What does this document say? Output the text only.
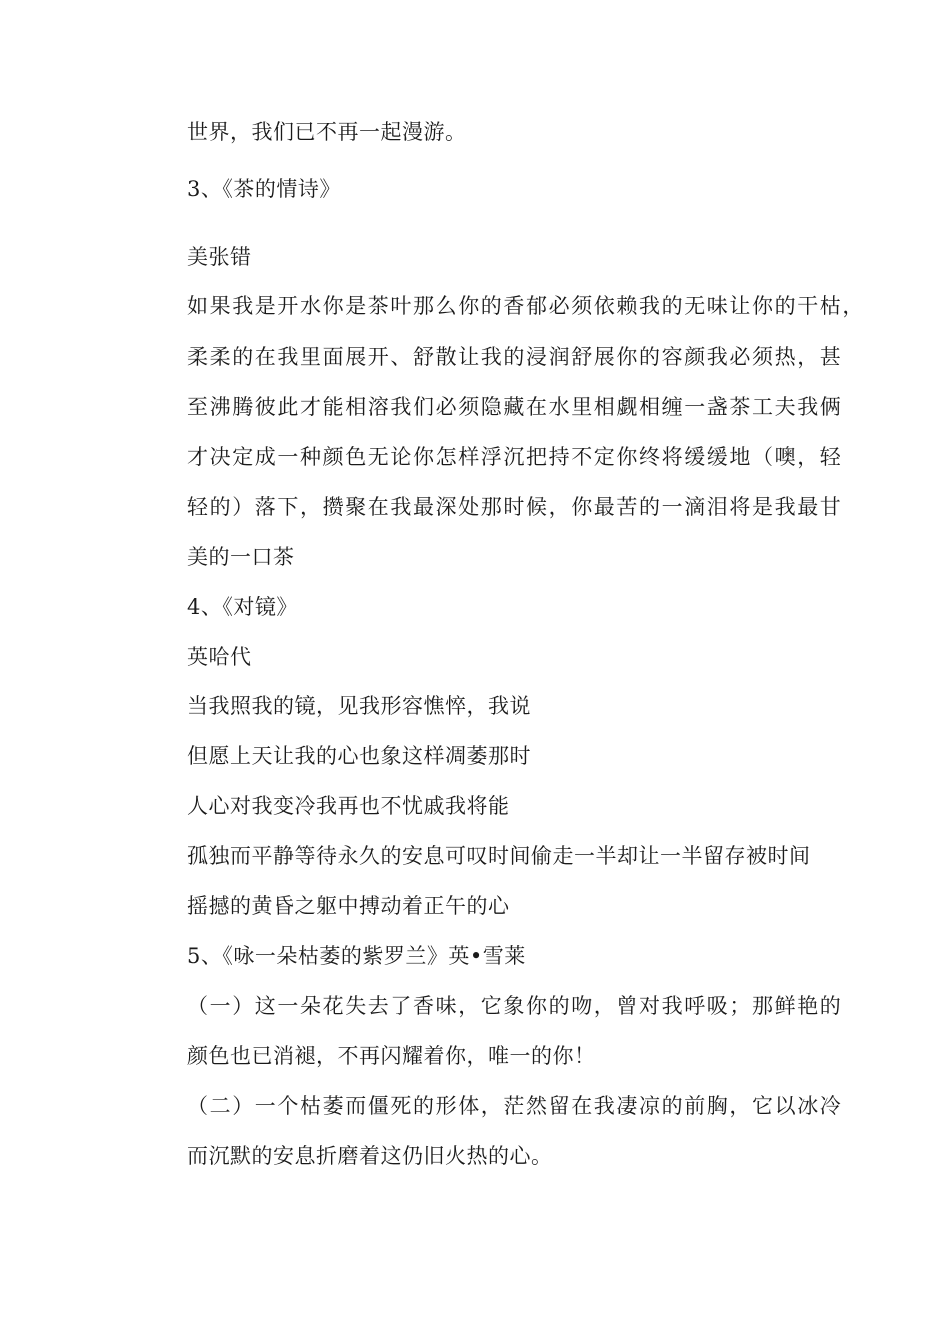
世界，我们已不再一起漫游。
3、《茶的情诗》
美张错
如果我是开水你是茶叶那么你的香郁必须依赖我的无味让你的干枯，
柔柔的在我里面展开、舒散让我的浸润舒展你的容颜我必须热，甚
至沸腾彼此才能相溶我们必须隐藏在水里相觑相缠一盏茶工夫我俩
才决定成一种颜色无论你怎样浮沉把持不定你终将缓缓地（噢，轻
轻的）落下，攒聚在我最深处那时候，你最苦的一滴泪将是我最甘
美的一口茶
4、《对镜》
英哈代
当我照我的镜，见我形容憔悴，我说
但愿上天让我的心也象这样凋萎那时
人心对我变冷我再也不忧戚我将能
孤独而平静等待永久的安息可叹时间偷走一半却让一半留存被时间
摇撼的黄昏之躯中搏动着正午的心
5、《咏一朵枯萎的紫罗兰》英•雪莱
（一）这一朵花失去了香味，它象你的吻，曾对我呼吸；那鲜艳的
颜色也已消褪，不再闪耀着你，唯一的你！
（二）一个枯萎而僵死的形体，茫然留在我凄凉的前胸，它以冰冷
而沉默的安息折磨着这仍旧火热的心。
